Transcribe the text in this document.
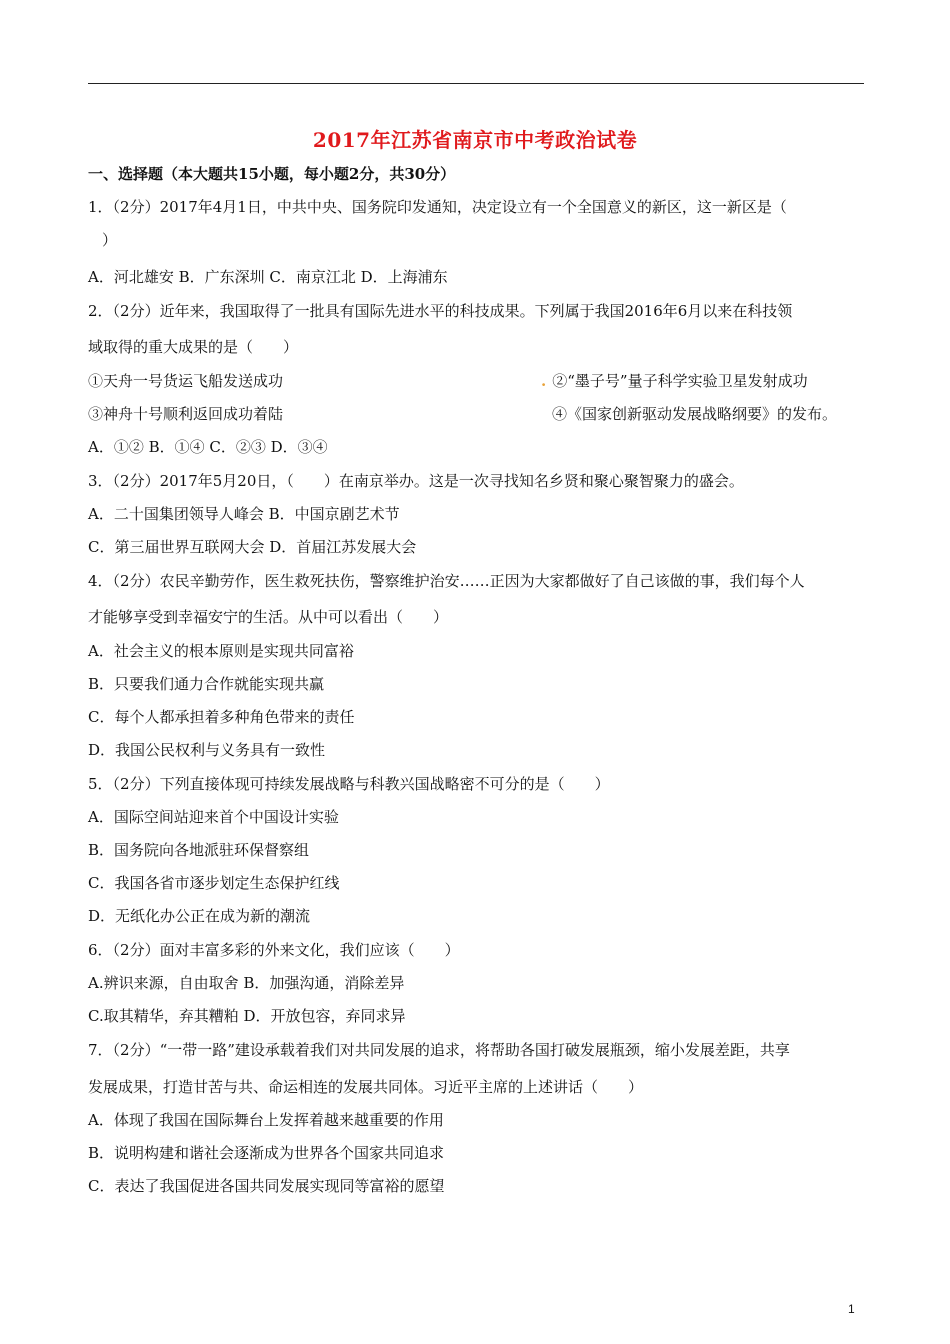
2017年江苏省南京市中考政治试卷
一、选择题（本大题共15小题，每小题2分，共30分）
1．（2分）2017年4月1日，中共中央、国务院印发通知，决定设立有一个全国意义的新区，这一新区是（
）
A．河北雄安 B．广东深圳 C．南京江北 D．上海浦东
2．（2分）近年来，我国取得了一批具有国际先进水平的科技成果。下列属于我国2016年6月以来在科技领
域取得的重大成果的是（　　）
①天舟一号货运飞船发送成功	. ②“墨子号”量子科学实验卫星发射成功
③神舟十号顺利返回成功着陆	④《国家创新驱动发展战略纲要》的发布。
A．①② B．①④ C．②③ D．③④
3．（2分）2017年5月20日，（　　）在南京举办。这是一次寻找知名乡贤和聚心聚智聚力的盛会。
A．二十国集团领导人峰会 B．中国京剧艺术节
C．第三届世界互联网大会 D．首届江苏发展大会
4．（2分）农民辛勤劳作，医生救死扶伤，警察维护治安……正因为大家都做好了自己该做的事，我们每个人
才能够享受到幸福安宁的生活。从中可以看出（　　）
A．社会主义的根本原则是实现共同富裕
B．只要我们通力合作就能实现共赢
C．每个人都承担着多种角色带来的责任
D．我国公民权利与义务具有一致性
5．（2分）下列直接体现可持续发展战略与科教兴国战略密不可分的是（　　）
A．国际空间站迎来首个中国设计实验
B．国务院向各地派驻环保督察组
C．我国各省市逐步划定生态保护红线
D．无纸化办公正在成为新的潮流
6．（2分）面对丰富多彩的外来文化，我们应该（　　）
A.辨识来源，自由取舍 B．加强沟通，消除差异
C.取其精华，弃其糟粕 D．开放包容，弃同求异
7．（2分）“一带一路”建设承载着我们对共同发展的追求，将帮助各国打破发展瓶颈，缩小发展差距，共享
发展成果，打造甘苦与共、命运相连的发展共同体。习近平主席的上述讲话（　　）
A．体现了我国在国际舞台上发挥着越来越重要的作用
B．说明构建和谐社会逐渐成为世界各个国家共同追求
C．表达了我国促进各国共同发展实现同等富裕的愿望
1
